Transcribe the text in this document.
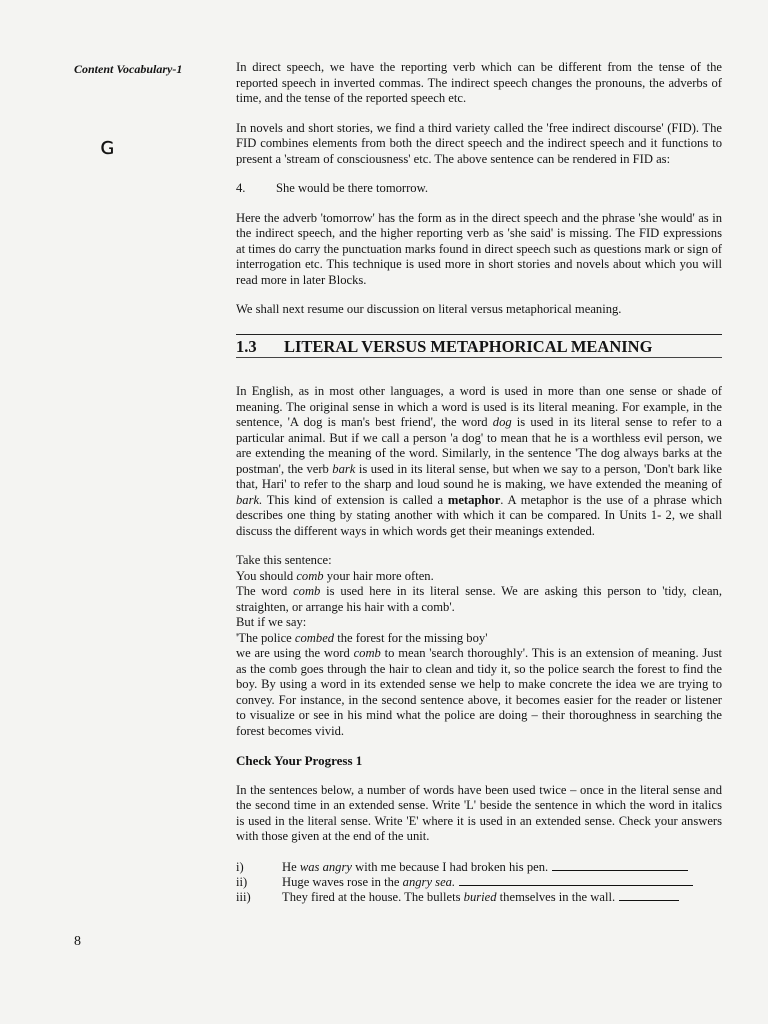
Content Vocabulary-1
ɢ
8

In direct speech, we have the reporting verb which can be different from the tense of the reported speech in inverted commas. The indirect speech changes the pronouns, the adverbs of time, and the tense of the reported speech etc.

In novels and short stories, we find a third variety called the 'free indirect discourse' (FID). The FID combines elements from both the direct speech and the indirect speech and it functions to present a 'stream of consciousness' etc. The above sentence can be rendered in FID as:

4.	She would be there tomorrow.

Here the adverb 'tomorrow' has the form as in the direct speech and the phrase 'she would' as in the indirect speech, and the higher reporting verb as 'she said' is missing. The FID expressions at times do carry the punctuation marks found in direct speech such as questions mark or sign of interrogation etc. This technique is used more in short stories and novels about which you will read more in later Blocks.

We shall next resume our discussion on literal versus metaphorical meaning.

1.3	LITERAL VERSUS METAPHORICAL MEANING

In English, as in most other languages, a word is used in more than one sense or shade of meaning. The original sense in which a word is used is its literal meaning. For example, in the sentence, 'A dog is man's best friend', the word dog is used in its literal sense to refer to a particular animal. But if we call a person 'a dog' to mean that he is a worthless evil person, we are extending the meaning of the word. Similarly, in the sentence 'The dog always barks at the postman', the verb bark is used in its literal sense, but when we say to a person, 'Don't bark like that, Hari' to refer to the sharp and loud sound he is making, we have extended the meaning of bark. This kind of extension is called a metaphor. A metaphor is the use of a phrase which describes one thing by stating another with which it can be compared. In Units 1- 2, we shall discuss the different ways in which words get their meanings extended.

Take this sentence:

You should comb your hair more often.

The word comb is used here in its literal sense. We are asking this person to 'tidy, clean, straighten, or arrange his hair with a comb'.

But if we say:

'The police combed the forest for the missing boy'

we are using the word comb to mean 'search thoroughly'. This is an extension of meaning. Just as the comb goes through the hair to clean and tidy it, so the police search the forest to find the boy. By using a word in its extended sense we help to make concrete the idea we are trying to convey. For instance, in the second sentence above, it becomes easier for the reader or listener to visualize or see in his mind what the police are doing – their thoroughness in searching the forest becomes vivid.

Check Your Progress 1

In the sentences below, a number of words have been used twice – once in the literal sense and the second time in an extended sense. Write 'L' beside the sentence in which the word in italics is used in the literal sense. Write 'E' where it is used in an extended sense. Check your answers with those given at the end of the unit.

i)	He was angry with me because I had broken his pen.
ii)	Huge waves rose in the angry sea.
iii)	They fired at the house. The bullets buried themselves in the wall.
